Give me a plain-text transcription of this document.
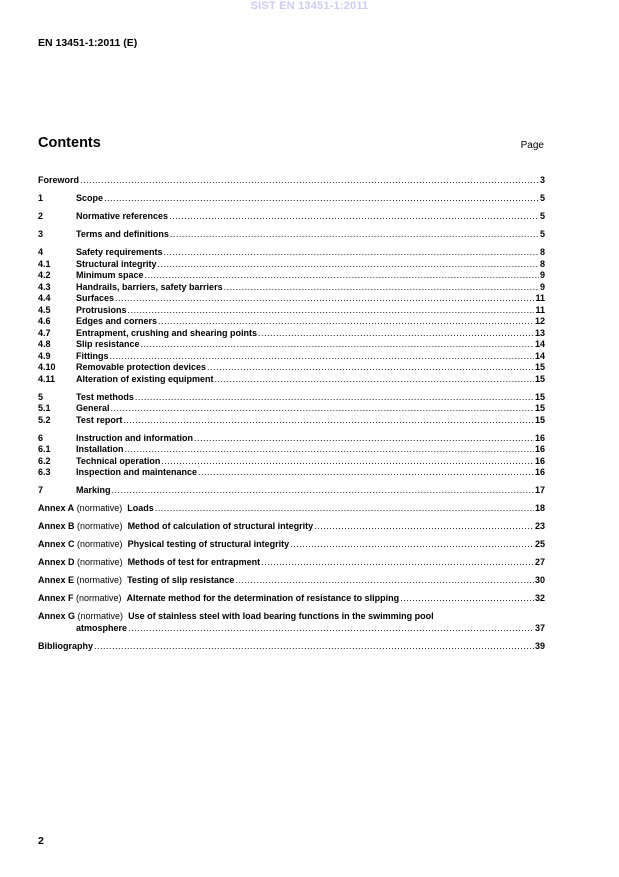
SIST EN 13451-1:2011
EN 13451-1:2011 (E)
Contents	Page
Foreword .....	3
1	Scope .....	5
2	Normative references .....	5
3	Terms and definitions .....	5
4	Safety requirements .....	8
4.1	Structural integrity .....	8
4.2	Minimum space .....	9
4.3	Handrails, barriers, safety barriers .....	9
4.4	Surfaces .....	11
4.5	Protrusions .....	11
4.6	Edges and corners .....	12
4.7	Entrapment, crushing and shearing points .....	13
4.8	Slip resistance .....	14
4.9	Fittings .....	14
4.10	Removable protection devices .....	15
4.11	Alteration of existing equipment .....	15
5	Test methods .....	15
5.1	General .....	15
5.2	Test report .....	15
6	Instruction and information .....	16
6.1	Installation .....	16
6.2	Technical operation .....	16
6.3	Inspection and maintenance .....	16
7	Marking .....	17
Annex A (normative) Loads .....	18
Annex B (normative) Method of calculation of structural integrity .....	23
Annex C (normative) Physical testing of structural integrity .....	25
Annex D (normative) Methods of test for entrapment .....	27
Annex E (normative) Testing of slip resistance .....	30
Annex F (normative) Alternate method for the determination of resistance to slipping .....	32
Annex G (normative) Use of stainless steel with load bearing functions in the swimming pool
atmosphere .....	37
Bibliography .....	39
2
